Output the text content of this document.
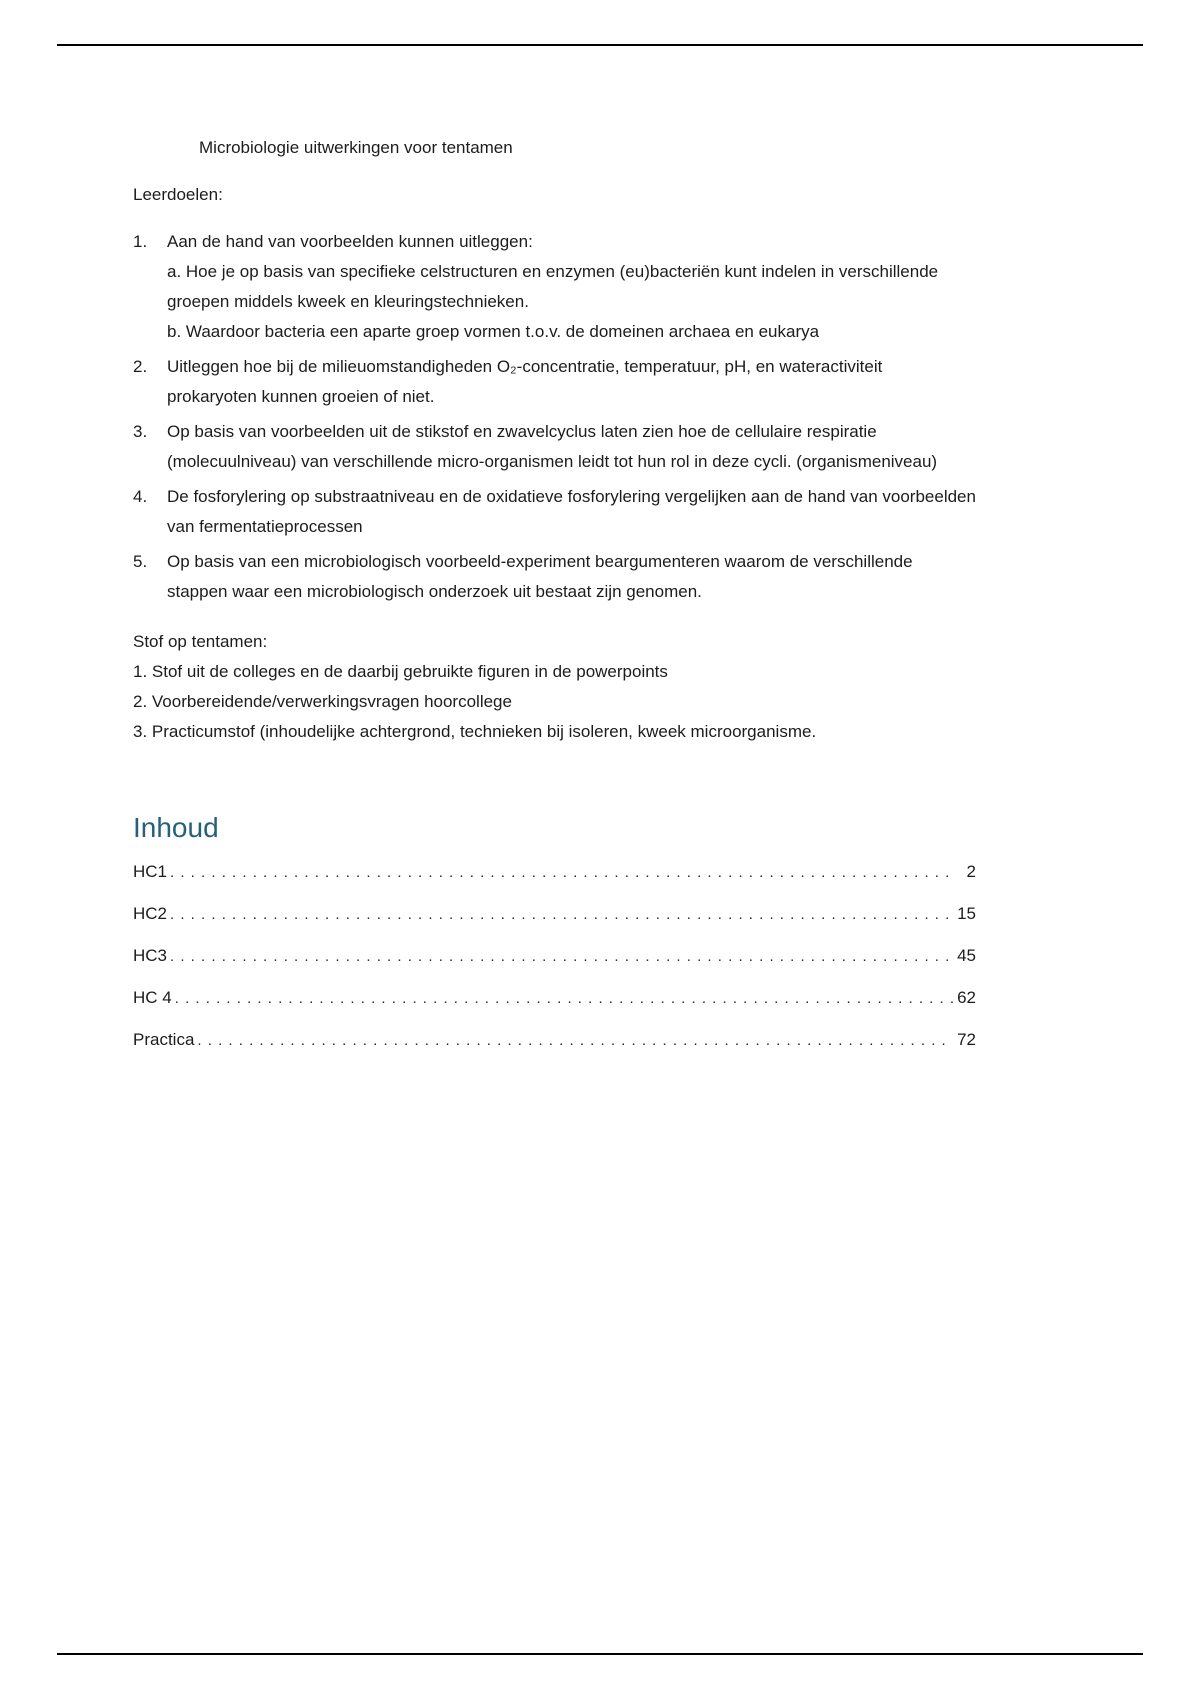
Microbiologie uitwerkingen voor tentamen

Leerdoelen:

1.	Aan de hand van voorbeelden kunnen uitleggen:

a. Hoe je op basis van specifieke celstructuren en enzymen (eu)bacteriën kunt indelen in verschillende groepen middels kweek en kleuringstechnieken.

b. Waardoor bacteria een aparte groep vormen t.o.v. de domeinen archaea en eukarya

2.	Uitleggen hoe bij de milieuomstandigheden O₂-concentratie, temperatuur, pH, en wateractiviteit prokaryoten kunnen groeien of niet.

3.	Op basis van voorbeelden uit de stikstof en zwavelcyclus laten zien hoe de cellulaire respiratie (molecuulniveau) van verschillende micro-organismen leidt tot hun rol in deze cycli. (organismeniveau)

4.	De fosforylering op substraatniveau en de oxidatieve fosforylering vergelijken aan de hand van voorbeelden van fermentatieprocessen

5.	Op basis van een microbiologisch voorbeeld-experiment beargumenteren waarom de verschillende stappen waar een microbiologisch onderzoek uit bestaat zijn genomen.

Stof op tentamen:

1. Stof uit de colleges en de daarbij gebruikte figuren in de powerpoints

2. Voorbereidende/verwerkingsvragen hoorcollege

3. Practicumstof (inhoudelijke achtergrond, technieken bij isoleren, kweek microorganisme.

Inhoud
HC1 . . .	2
HC2 . . .	15
HC3 . . .	45
HC 4 . . .	62
Practica . . .	72
